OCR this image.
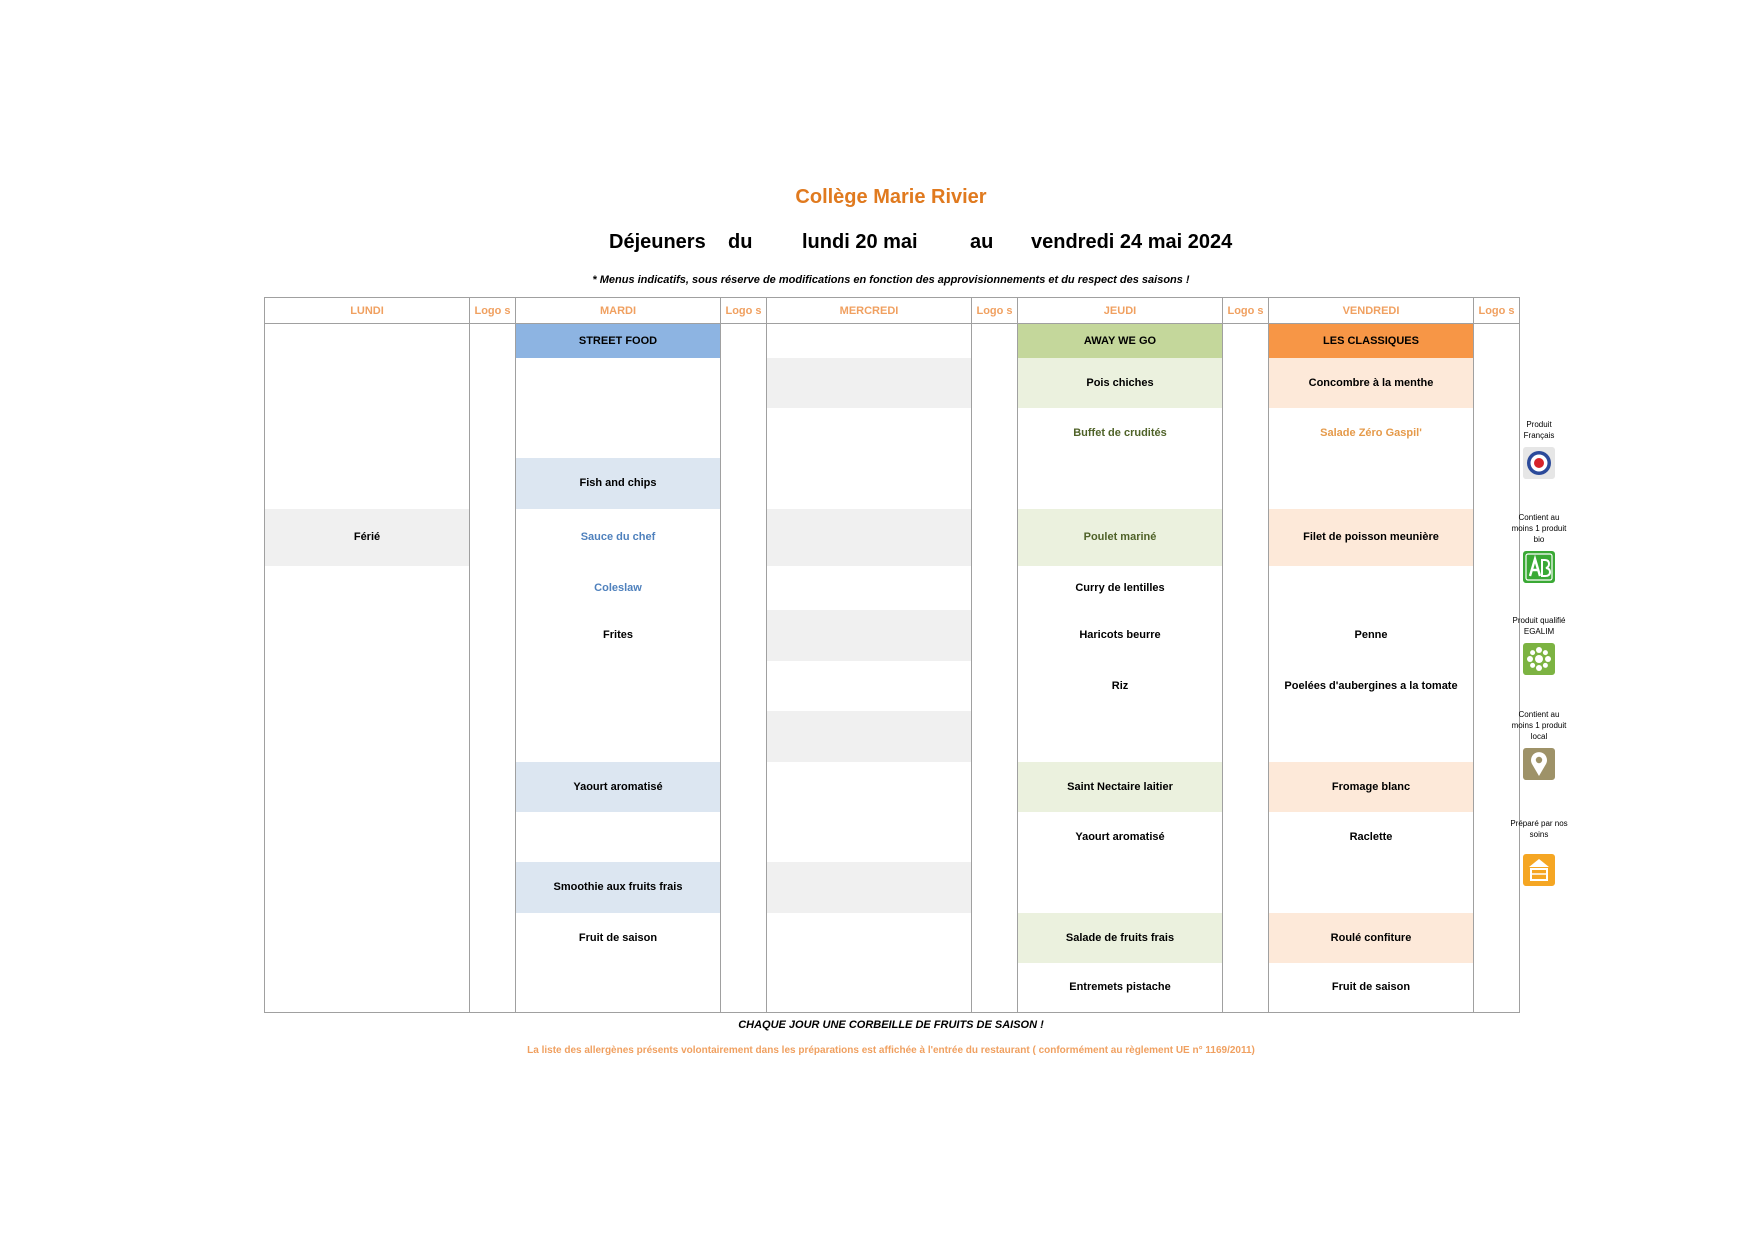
Collège Marie Rivier
Déjeuners du lundi 20 mai	au vendredi 24 mai 2024
* Menus indicatifs, sous réserve de modifications en fonction des approvisionnements et du respect des saisons !
LUNDI	Logo s	MARDI	Logo s	MERCREDI	Logo s	JEUDI	Logo s	VENDREDI	Logo s
		STREET FOOD				AWAY WE GO		LES CLASSIQUES	
						Pois chiches		Concombre à la menthe	
						Buffet de crudités		Salade Zéro Gaspil'	
		Fish and chips							
Férié		Sauce du chef				Poulet mariné		Filet de poisson meunière	
		Coleslaw				Curry de lentilles			
		Frites				Haricots beurre		Penne	
						Riz		Poelées d'aubergines a la tomate	

		Yaourt aromatisé				Saint Nectaire laitier		Fromage blanc	
						Yaourt aromatisé		Raclette	
		Smoothie aux fruits frais							
		Fruit de saison				Salade de fruits frais		Roulé confiture	
						Entremets pistache		Fruit de saison	
CHAQUE JOUR UNE CORBEILLE DE FRUITS DE SAISON !
La liste des allergènes présents volontairement dans les préparations est affichée à l'entrée du restaurant ( conformément au règlement UE n° 1169/2011)
Produit Français
Contient au moins 1 produit bio
Produit qualifié EGALIM
Contient au moins 1 produit local
Préparé par nos soins
